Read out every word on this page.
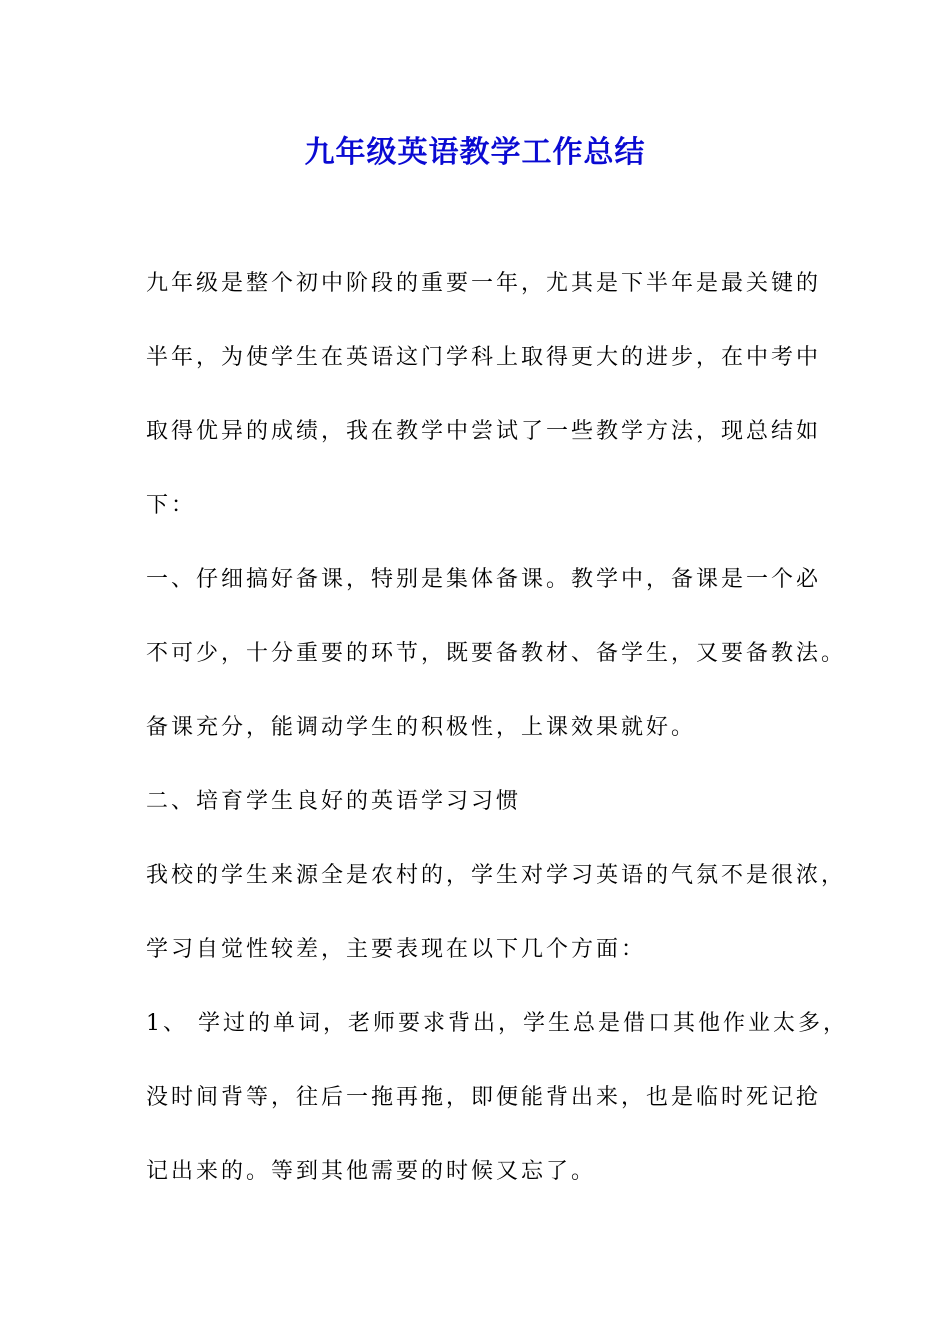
九年级英语教学工作总结
九年级是整个初中阶段的重要一年，尤其是下半年是最关键的
半年，为使学生在英语这门学科上取得更大的进步，在中考中
取得优异的成绩，我在教学中尝试了一些教学方法，现总结如
下：
一、仔细搞好备课，特别是集体备课。教学中，备课是一个必
不可少，十分重要的环节，既要备教材、备学生，又要备教法。
备课充分，能调动学生的积极性，上课效果就好。
二、培育学生良好的英语学习习惯
我校的学生来源全是农村的，学生对学习英语的气氛不是很浓，
学习自觉性较差，主要表现在以下几个方面：
1、 学过的单词，老师要求背出，学生总是借口其他作业太多，
没时间背等，往后一拖再拖，即便能背出来，也是临时死记抢
记出来的。等到其他需要的时候又忘了。
